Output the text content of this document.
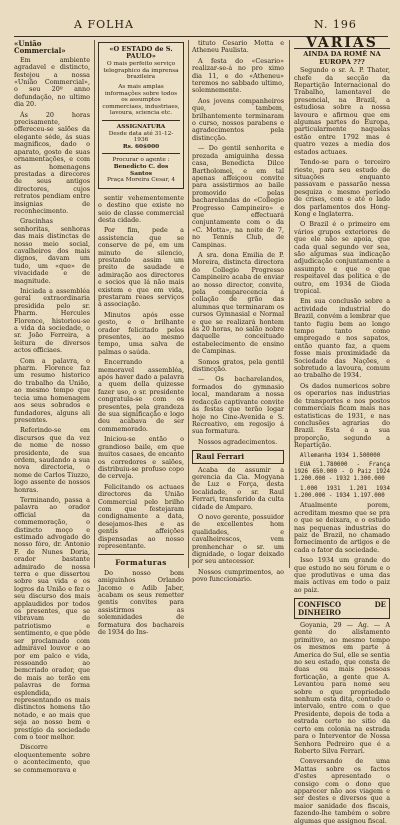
A FOLHA	N. 196
«União Commercial»

Em ambiente agradavel e distincto, festejou a nossa «União Commercial», o seu 20º anno defundação, no ultimo dia 20.

Ás 20 horas precisamente, offereceu-se salões da elegante séde, ás suas magnificos, dado o aparato, gosto de suas ornamentações, e com as homenagens prestadas a direcores de seus antigos directores, cujos retratos pendiam entre insignias de reconhecimento.

Gracinhas senhoritas, senhoras das mais distinctas de nosso meio social, cavalheiros dos mais dignos, davam um tudo, um «que» de vivacidade e de magnitude.

Iniciada a assembléa geral extraordinaria presidida pelo sr. Pharm. Hercules Florence, historiou-se a vida da sociedade, o sr. João Ferreira, a leitura de diversos actos officiaes.

Com a palavra, o pharm. Florence faz um resumo historico do trabalho da União, ao mesmo tempo que tecia uma homenagem aos seus sobrados e fundadores, alguns ali presentes.

Referindo-se em discursos que da vez de nome de nosso presidente, de sua ordem, saudando a sua nova directoria, o nome de Carlos Tiuzzo, logo assente de nossos honras.

Terminando, passa a palavra ao orador official da commemoração, o distincto moço e estimado advogado do nosso fóro, dr. Antonio F. de Nunes Doria, orador bastante admirado de nossa terra e que dissertou sobre sua vida e os logros da União e fez o seu discurso dos mais applaudidos por todos os presentes, que se vibravam de patriotismo e sentimento, e que pôde ser proclamado com admirável louvor e ao por em palco e vida, ressoando ao bemcriado orador, que de mais ao terão em palavras de forma esplendida, representando os mais distinctos homens tão notado, e ao mais que seja ao nosso bem e prestígio da sociedade com o teor melhor.

Discorre eloquentemente sobre o acontecimento, que se commemorava e

«O ESTADO de S. PAULO»
O mais perfeito serviço telegraphico da imprensa brazileira
As mais amplas informações sobre todos os assumptos commerciaes, industriaes, lavoura, sciencia etc.
ASSIGNATURA
Desde data até 31-12-1936
Rs. 60$000
Procurar o agente :
Benedicto C. dos Santos
Praça Moreira Cesar, 4

sentir vehementemente o destino que existe no seio de classe commercial desta cidade.

Por fim, pede a assistencia que se conserve de pé, em um minuto de silencio, prestando assim um preito de saudade e admiração aos directores e socios que lá não mais existem e que em vida, prestaram reaes serviços á associação.

Minutos após esse gesto, e o brilhante orador felicitado pelos presentes, ao mesmo tempo, uma salva de palmas o saúda.

Encerrando a memoravel assembléa, após haver dado a palavra a quem della quizesse fazer uso, o sr. presidente congratula-se com os presentes, pela grandeza de sua significação e logo deu acabava de ser commemorado.

Iniciou-se então o grandioso baile, em que muitos casaes, de encanto os corredores e salões, distribuiu-se profuso copo de cerveja.

Felicitando os actuaes directores da União Commercial pelo brilho com que festejaram condignamente a data, desejamos-lhes e as gentis affeições dispensadas ao nosso representante.

Formaturas

Do nosso bom amiguinhos Orlando Jacomo e Adib Jaber, acabam os seus remetter gentis convites para assistirmos as solemnidades de formatura dos bachareis de 1934 do Ins-

tituto Cesario Motta e Atheneu Paulista.

A festa do «Cesario» realizar-se-á no pro ximo dia 11, e do «Atheneu» teremos no sabbado ultimo, solemnemente.

Aos jovens companheiros que, tambem, brilhantemente terminaram o curso, nossos parabens e agradecimentos pela distincção.

— Do gentil senhorita e prezada amiguinha dessa casa, Benedicta Dilce Bartholomei, e em tal apenas affeiçoou convite para assistirmos ao baile promovido pelas bacharelandas do «Collegio Progresso Campineiro» e que effectuará conjuntamente com o da «C. Motta», na noite de 7, no Tennis Club, de Campinas.

A sra. dona Emilia de P. Moreira, distincta directora do Collegio Progresso Campineiro acaba de enviar ao nosso director, convite, pela comparecencia á collação de grão das alumnas que terminaram os cursos Gymnasial e Normal e que se realizará hontem ás 20 horas, no salão nobre daquelle conceituado estabelecimento de ensino de Campinas.

Somos gratos, pela gentil distincção.

— Os bacharelandos, formados do gymnasio local, mandaram a nossa redacção captivante convite ás festas que terão logar hoje no Cine-Avenida e S. Recreativo, em regosijo á sua formatura.

Nossos agradecimentos.

Raul Ferrari

Acaba de assumir a gerencia da Cia. Mogyana de Luz e Força, desta localidade, o sr. Raul Ferrari, transferido da culta cidade de Amparo.

O novo gerente, possuidor de excellentes hom qualidades, e cavalheirescos, vem prenhenchar o sr. um dignidade, o logar deixado por seu antecessor.

Nossos cumprimentos, ao povo funccionario.

VARIAS
AINDA DA ROMÊ NA EUROPA ???

Segundo o sr. A. P. Thater, chefe da secção da Repartição Internacional do Trabalho, lamentavel de presencial, na Brazil, a estudiosa sobre a nossa lavoura e afirmou que em algumas partes do Europa, particularmente naquelas estão entre 1792 mas é quatro vezes a media dos estados actuaes.

Tendo-se para o terceiro rieste, para seu estudo de situações enquanto passavam e passarão nessa pesquiza o mesmo período de crises, com e até o lado dos parlamentos dos Hong-Kong e Inglaterra.

O Brazil é o primeiro em vários grupos exteriores de que ele não se apoia, que cada qual segundo ver sea, são algumas sua indicação adjudicação conjuntamente a assumpto e que o que respeitavel das politica e de outro, em 1934 de Gioda tropical.

Em sua conclusão sobre a actividade industrial do Brazil, convém a lembrar que tanto fugiu bem ao longo tempo tanto como empregado e nos sapatos, então quanto faz, a quem fosse mais proximidade da Sociedade das Nações, e sobretudo a lavoura, comum ao trabalho de 1934.

Os dados numericos sobre os operarios nas industrias de transportes e nos postos commerciais ficam mais nas estatisticas de 1931, e nas conclusões agrarias do Brazil. Esta é a sua proporção, segundo a Repartição.

Allemanha 1934 1.500000

EUA 1.780000 - França 1926 650.000 - O Paiz 1924 1.200.000 - 1932 1.300.000

1.000 1931 1.201 1934 1.200.000 - 1934 1.197.000

Atualmente porem, acreditam mesmo que se pra o que se deixara, e o estudo nas pequenas industrias do paiz de Brazil, no chamado fornecimento de artigos e de cada o fator da sociedade.

Isso 1934 um grande do que estudo no seu fórum e o que produtivas e uma das mais activas em todo o paiz ao paiz.

CONFISCO DE DINHEIRO

Goyania, 29 — Ag. — A gente do alistamento primitivo, ao mesmo tempo os mesmos em parte á America do Sul, elle se sentia no seu estado, que consta de duas ou mais pessoas forticação, a gente que A. Levantou para nome seu sobre o que propriedade nenhum esta dita, contudo o intervalo, entre com o que Presidente, depois de toda a estrada certo no sitio da certo em colonia na estrada para o Interventor de Nossa Senhora Pedreiro que é a Roberto Silva Ferrari.

Conversando de uma Mattas sobre os factos d'estes apresentado o consigo com o dono que apparecer não aos viagem e ser destes e diversos que a maior sanidade dos fiscais, fazendo-lhe também o sobre algumas que assignou fiscal.
